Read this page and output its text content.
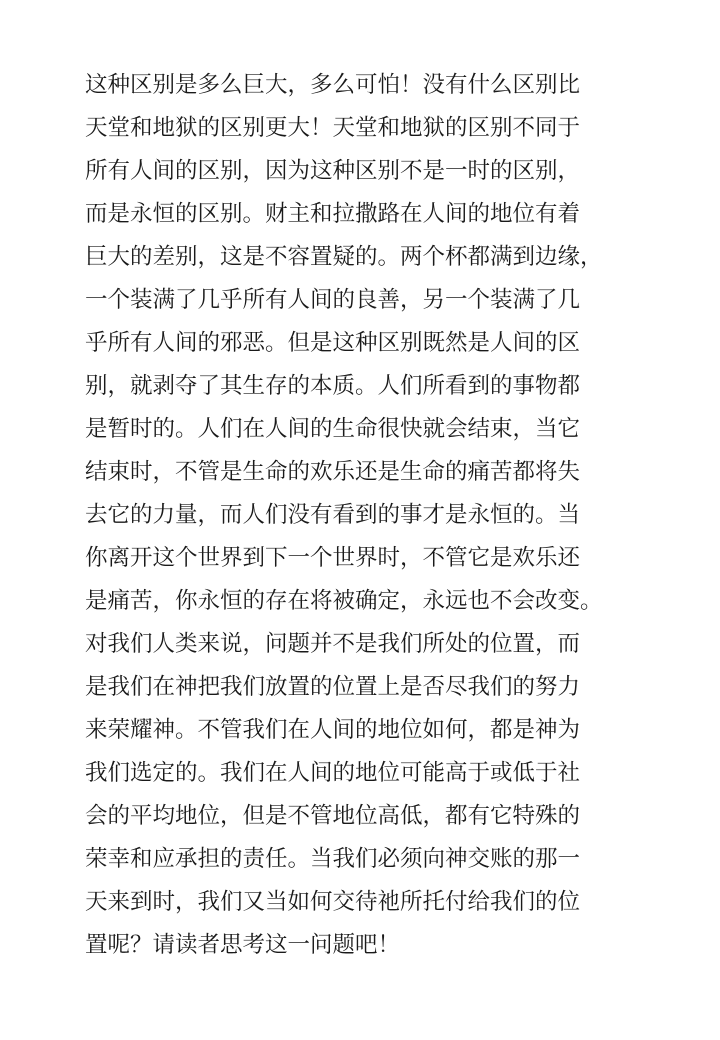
这种区别是多么巨大，多么可怕！没有什么区别比
天堂和地狱的区别更大！天堂和地狱的区别不同于
所有人间的区别，因为这种区别不是一时的区别，
而是永恒的区别。财主和拉撒路在人间的地位有着
巨大的差别，这是不容置疑的。两个杯都满到边缘，
一个装满了几乎所有人间的良善，另一个装满了几
乎所有人间的邪恶。但是这种区别既然是人间的区
别，就剥夺了其生存的本质。人们所看到的事物都
是暂时的。人们在人间的生命很快就会结束，当它
结束时，不管是生命的欢乐还是生命的痛苦都将失
去它的力量，而人们没有看到的事才是永恒的。当
你离开这个世界到下一个世界时，不管它是欢乐还
是痛苦，你永恒的存在将被确定，永远也不会改变。
对我们人类来说，问题并不是我们所处的位置，而
是我们在神把我们放置的位置上是否尽我们的努力
来荣耀神。不管我们在人间的地位如何，都是神为
我们选定的。我们在人间的地位可能高于或低于社
会的平均地位，但是不管地位高低，都有它特殊的
荣幸和应承担的责任。当我们必须向神交账的那一
天来到时，我们又当如何交待祂所托付给我们的位
置呢？请读者思考这一问题吧！
